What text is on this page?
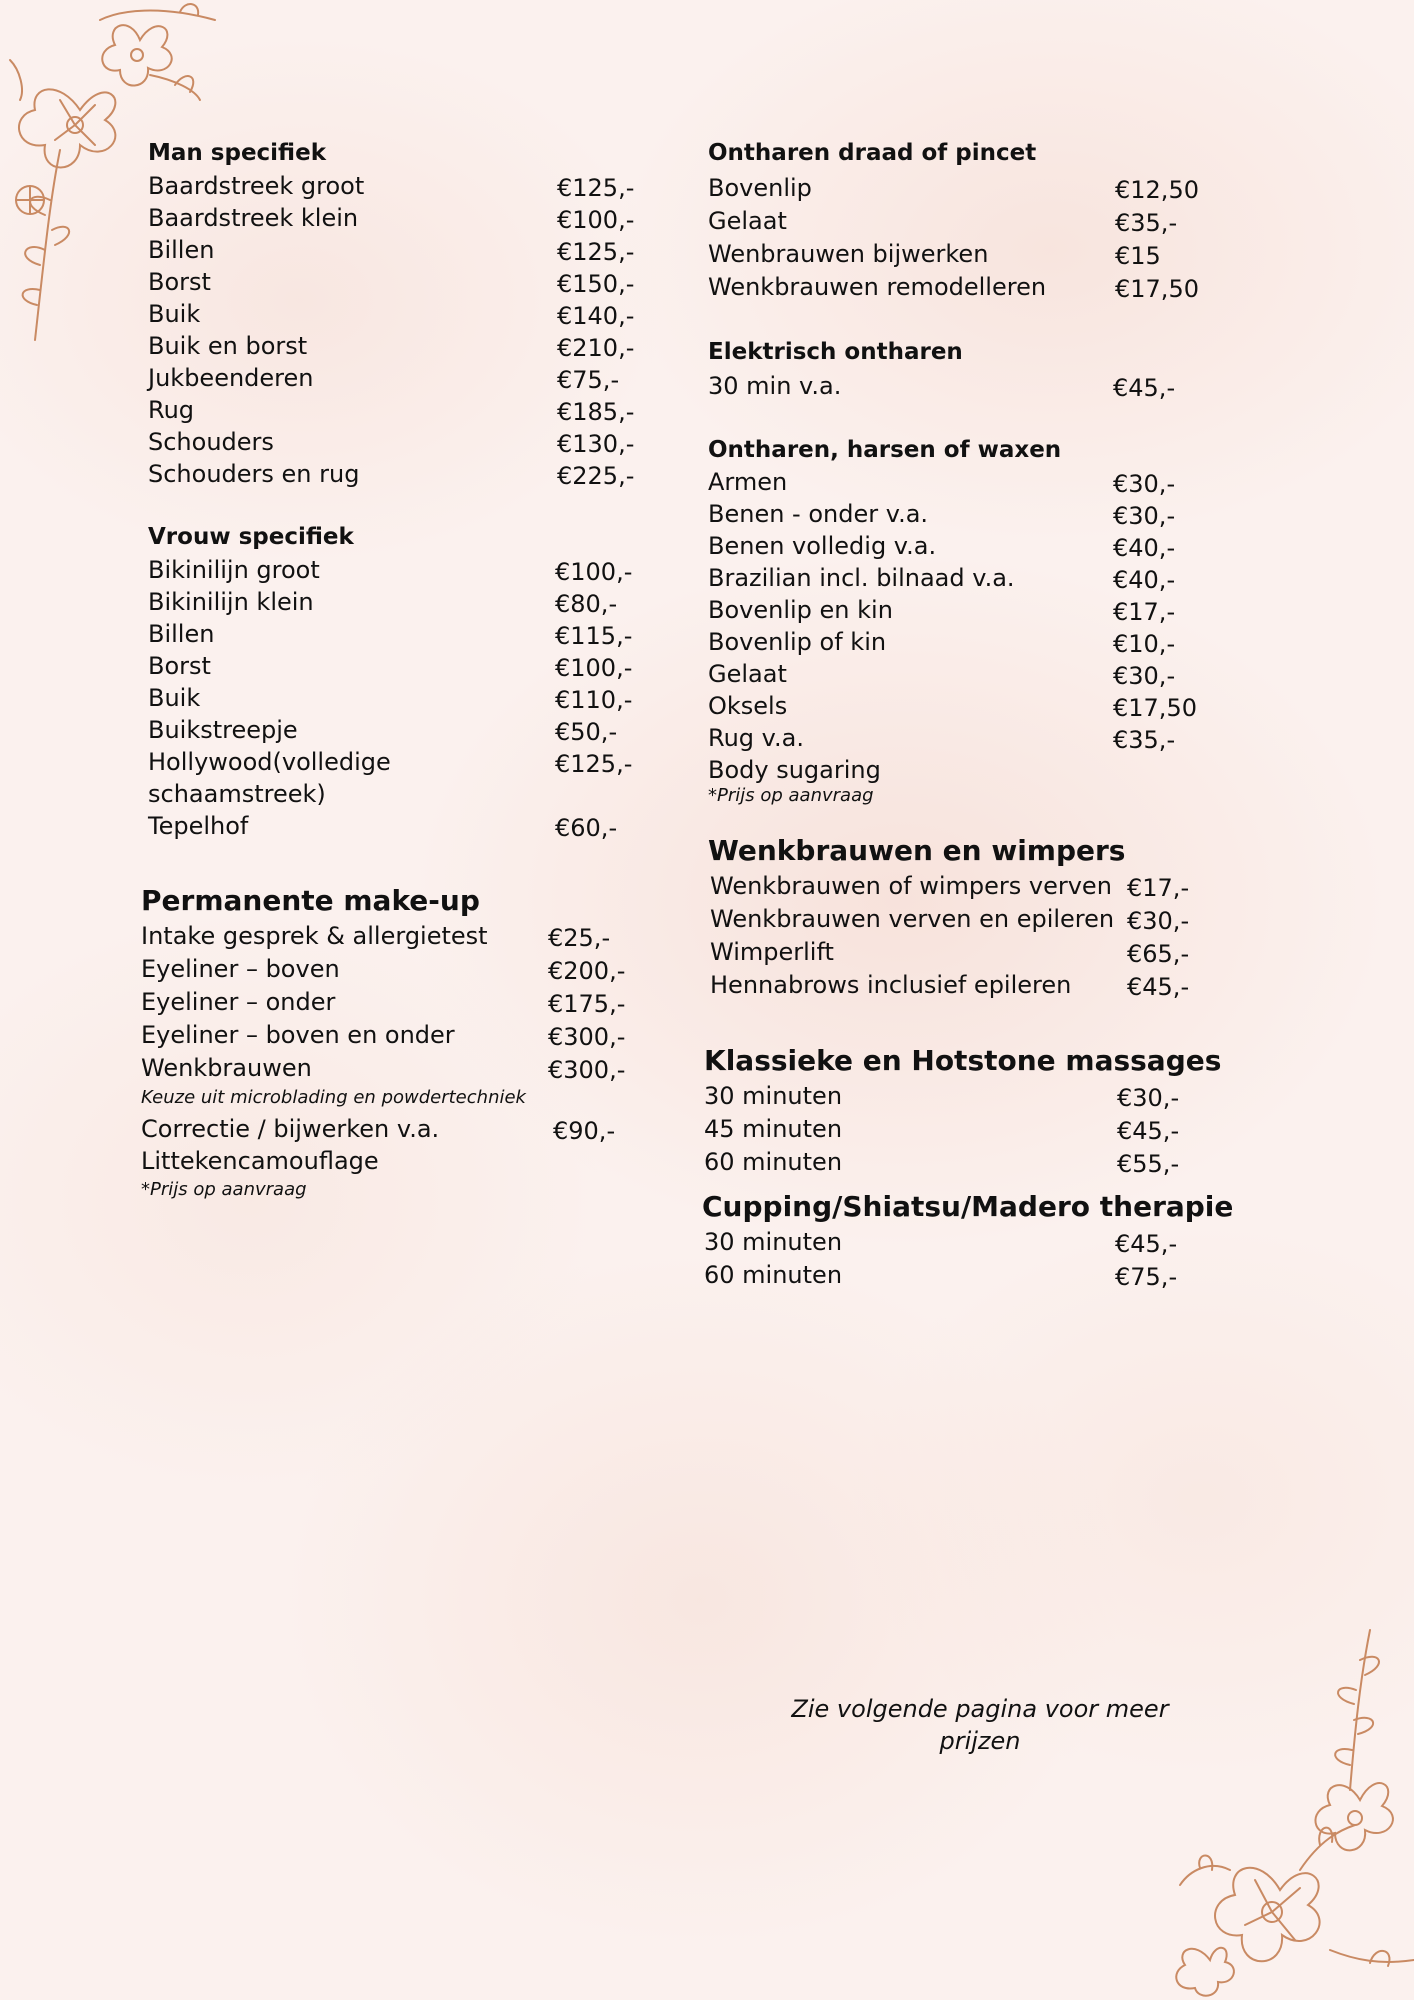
Man specifiek
Baardstreek groot	€125,-
Baardstreek klein	€100,-
Billen	€125,-
Borst	€150,-
Buik	€140,-
Buik en borst	€210,-
Jukbeenderen	€75,-
Rug	€185,-
Schouders	€130,-
Schouders en rug	€225,-
Vrouw specifiek
Bikinilijn groot	€100,-
Bikinilijn klein	€80,-
Billen	€115,-
Borst	€100,-
Buik	€110,-
Buikstreepje	€50,-
Hollywood(volledige	€125,-
schaamstreek)
Tepelhof	€60,-
Permanente make-up
Intake gesprek & allergietest	€25,-
Eyeliner – boven	€200,-
Eyeliner – onder	€175,-
Eyeliner – boven en onder	€300,-
Wenkbrauwen	€300,-
Keuze uit microblading en powdertechniek
Correctie / bijwerken v.a.	€90,-
Littekencamouflage
*Prijs op aanvraag
Ontharen draad of pincet
Bovenlip	€12,50
Gelaat	€35,-
Wenbrauwen bijwerken	€15
Wenkbrauwen remodelleren	€17,50
Elektrisch ontharen
30 min v.a.	€45,-
Ontharen, harsen of waxen
Armen	€30,-
Benen - onder v.a.	€30,-
Benen volledig v.a.	€40,-
Brazilian incl. bilnaad v.a.	€40,-
Bovenlip en kin	€17,-
Bovenlip of kin	€10,-
Gelaat	€30,-
Oksels	€17,50
Rug v.a.	€35,-
Body sugaring
*Prijs op aanvraag
Wenkbrauwen en wimpers
Wenkbrauwen of wimpers verven €17,-
Wenkbrauwen verven en epileren €30,-
Wimperlift	€65,-
Hennabrows inclusief epileren €45,-
Klassieke en Hotstone massages
30 minuten	€30,-
45 minuten	€45,-
60 minuten	€55,-
Cupping/Shiatsu/Madero therapie
30 minuten	€45,-
60 minuten	€75,-
Zie volgende pagina voor meer
prijzen
